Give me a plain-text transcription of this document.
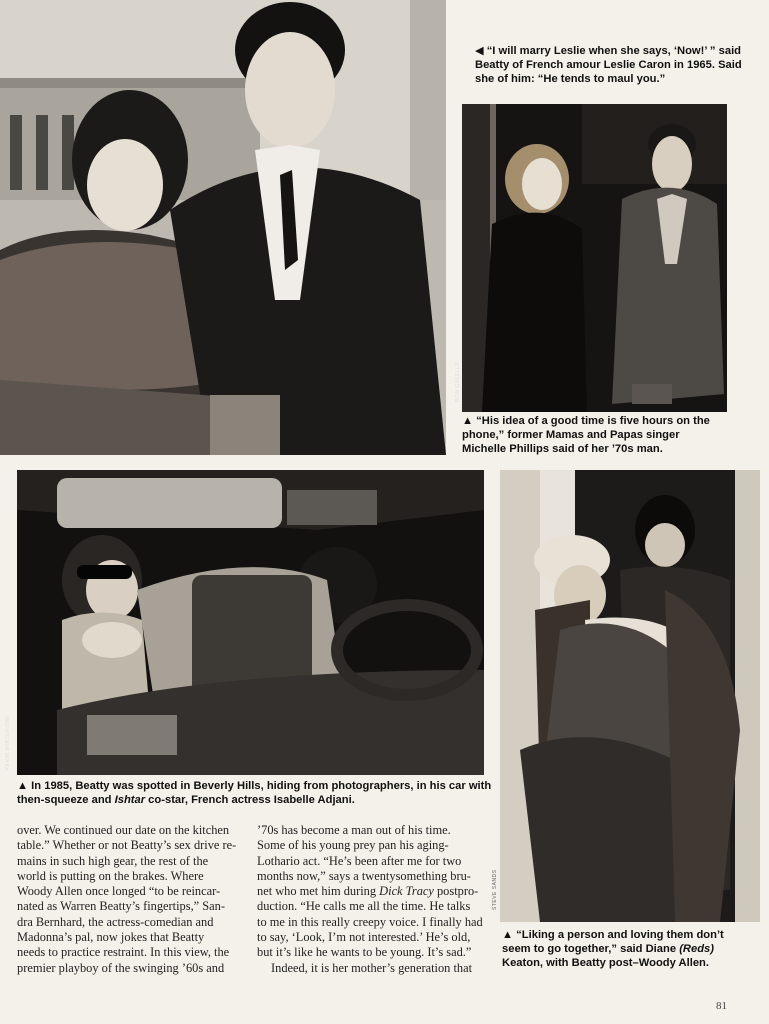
◀ “I will marry Leslie when she says, ‘Now!’ ” said
Beatty of French amour Leslie Caron in 1965. Said
she of him: “He tends to maul you.”
RON GALELLA
▲ “His idea of a good time is five hours on the
phone,” former Mamas and Papas singer
Michelle Phillips said of her ’70s man.
KEVIN WINTER/DMI
▲ In 1985, Beatty was spotted in Beverly Hills, hiding from photographers, in his car with
then-squeeze and Ishtar co-star, French actress Isabelle Adjani.
STEVE SANDS
▲ “Liking a person and loving them don’t
seem to go together,” said Diane (Reds)
Keaton, with Beatty post–Woody Allen.

over. We continued our date on the kitchen

table.” Whether or not Beatty’s sex drive re-

mains in such high gear, the rest of the

world is putting on the brakes. Where

Woody Allen once longed “to be reincar-

nated as Warren Beatty’s fingertips,” San-

dra Bernhard, the actress-comedian and

Madonna’s pal, now jokes that Beatty

needs to practice restraint. In this view, the

premier playboy of the swinging ’60s and

’70s has become a man out of his time.

Some of his young prey pan his aging-

Lothario act. “He’s been after me for two

months now,” says a twentysomething bru-

net who met him during Dick Tracy postpro-

duction. “He calls me all the time. He talks

to me in this really creepy voice. I finally had

to say, ‘Look, I’m not interested.’ He’s old,

but it’s like he wants to be young. It’s sad.”

Indeed, it is her mother’s generation that

81
